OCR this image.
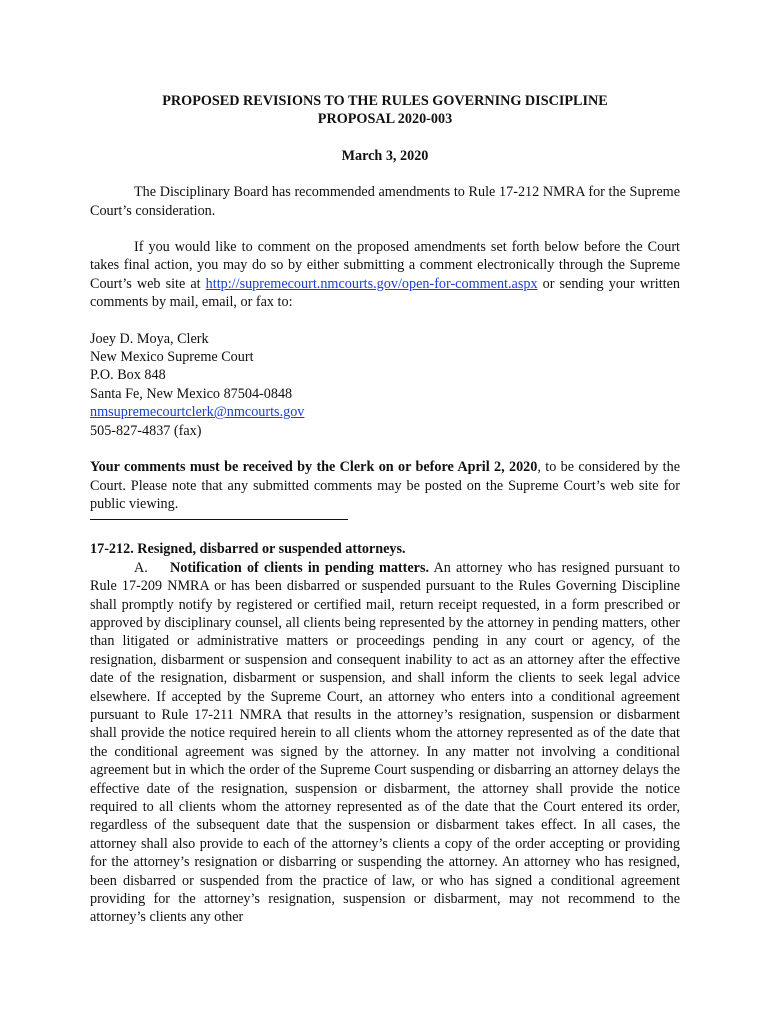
PROPOSED REVISIONS TO THE RULES GOVERNING DISCIPLINE
PROPOSAL 2020-003
March 3, 2020

The Disciplinary Board has recommended amendments to Rule 17-212 NMRA for the Supreme Court’s consideration.

If you would like to comment on the proposed amendments set forth below before the Court takes final action, you may do so by either submitting a comment electronically through the Supreme Court’s web site at http://supremecourt.nmcourts.gov/open-for-comment.aspx or sending your written comments by mail, email, or fax to:

Joey D. Moya, Clerk
New Mexico Supreme Court
P.O. Box 848
Santa Fe, New Mexico 87504-0848
nmsupremecourtclerk@nmcourts.gov
505-827-4837 (fax)

Your comments must be received by the Clerk on or before April 2, 2020, to be considered by the Court. Please note that any submitted comments may be posted on the Supreme Court’s web site for public viewing.

17-212. Resigned, disbarred or suspended attorneys.

A. Notification of clients in pending matters. An attorney who has resigned pursuant to Rule 17-209 NMRA or has been disbarred or suspended pursuant to the Rules Governing Discipline shall promptly notify by registered or certified mail, return receipt requested, in a form prescribed or approved by disciplinary counsel, all clients being represented by the attorney in pending matters, other than litigated or administrative matters or proceedings pending in any court or agency, of the resignation, disbarment or suspension and consequent inability to act as an attorney after the effective date of the resignation, disbarment or suspension, and shall inform the clients to seek legal advice elsewhere. If accepted by the Supreme Court, an attorney who enters into a conditional agreement pursuant to Rule 17-211 NMRA that results in the attorney’s resignation, suspension or disbarment shall provide the notice required herein to all clients whom the attorney represented as of the date that the conditional agreement was signed by the attorney. In any matter not involving a conditional agreement but in which the order of the Supreme Court suspending or disbarring an attorney delays the effective date of the resignation, suspension or disbarment, the attorney shall provide the notice required to all clients whom the attorney represented as of the date that the Court entered its order, regardless of the subsequent date that the suspension or disbarment takes effect. In all cases, the attorney shall also provide to each of the attorney’s clients a copy of the order accepting or providing for the attorney’s resignation or disbarring or suspending the attorney. An attorney who has resigned, been disbarred or suspended from the practice of law, or who has signed a conditional agreement providing for the attorney’s resignation, suspension or disbarment, may not recommend to the attorney’s clients any other
